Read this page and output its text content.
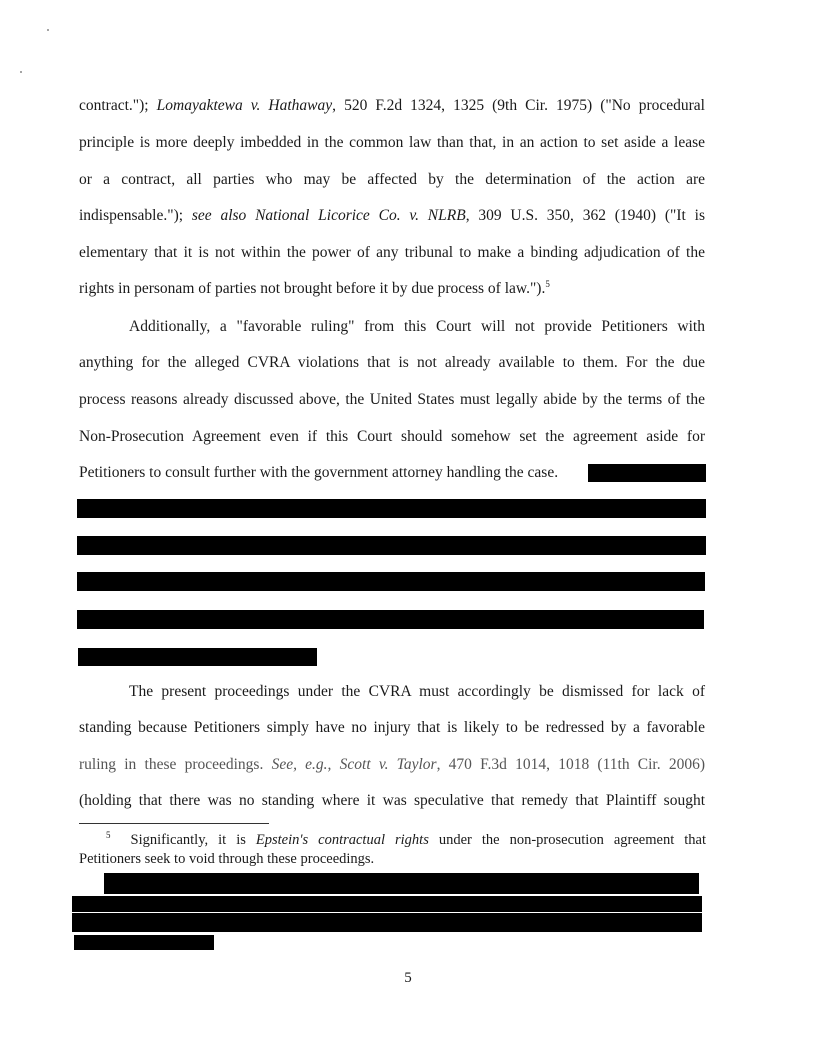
contract."); Lomayaktewa v. Hathaway, 520 F.2d 1324, 1325 (9th Cir. 1975) ("No procedural
principle is more deeply imbedded in the common law than that, in an action to set aside a lease
or a contract, all parties who may be affected by the determination of the action are
indispensable."); see also National Licorice Co. v. NLRB, 309 U.S. 350, 362 (1940) ("It is
elementary that it is not within the power of any tribunal to make a binding adjudication of the
rights in personam of parties not brought before it by due process of law.").$^5$
Additionally, a "favorable ruling" from this Court will not provide Petitioners with
anything for the alleged CVRA violations that is not already available to them. For the due
process reasons already discussed above, the United States must legally abide by the terms of the
Non-Prosecution Agreement even if this Court should somehow set the agreement aside for
Petitioners to consult further with the government attorney handling the case.
The present proceedings under the CVRA must accordingly be dismissed for lack of
standing because Petitioners simply have no injury that is likely to be redressed by a favorable
ruling in these proceedings. See, e.g., Scott v. Taylor, 470 F.3d 1014, 1018 (11th Cir. 2006)
(holding that there was no standing where it was speculative that remedy that Plaintiff sought
$^5$ Significantly, it is Epstein's contractual rights under the non-prosecution agreement that
Petitioners seek to void through these proceedings.
5
